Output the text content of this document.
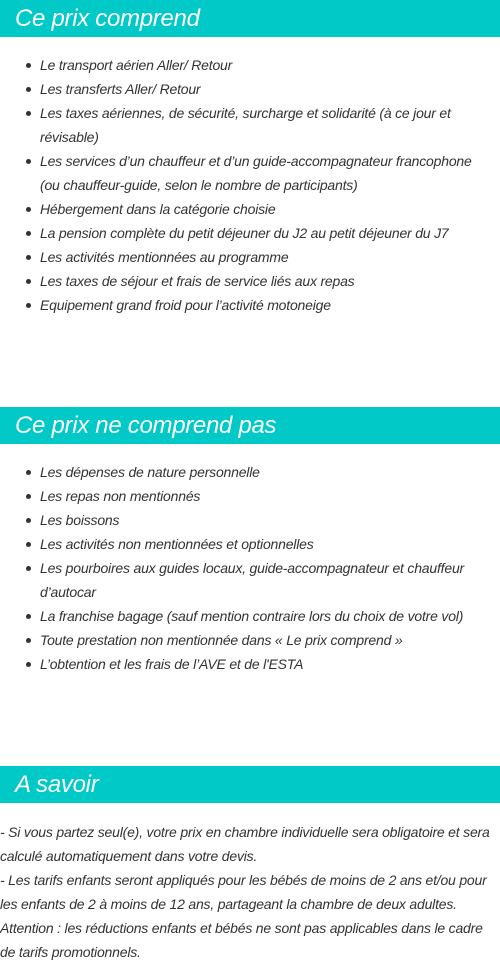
Ce prix comprend
Le transport aérien Aller/ Retour
Les transferts Aller/ Retour
Les taxes aériennes, de sécurité, surcharge et solidarité (à ce jour et révisable)
Les services d’un chauffeur et d’un guide-accompagnateur francophone (ou chauffeur-guide, selon le nombre de participants)
Hébergement dans la catégorie choisie
La pension complète du petit déjeuner du J2 au petit déjeuner du J7
Les activités mentionnées au programme
Les taxes de séjour et frais de service liés aux repas
Equipement grand froid pour l’activité motoneige
Ce prix ne comprend pas
Les dépenses de nature personnelle
Les repas non mentionnés
Les boissons
Les activités non mentionnées et optionnelles
Les pourboires aux guides locaux, guide-accompagnateur et chauffeur d’autocar
La franchise bagage (sauf mention contraire lors du choix de votre vol)
Toute prestation non mentionnée dans « Le prix comprend »
L’obtention et les frais de l’AVE et de l'ESTA
A savoir

- Si vous partez seul(e), votre prix en chambre individuelle sera obligatoire et sera calculé automatiquement dans votre devis.

- Les tarifs enfants seront appliqués pour les bébés de moins de 2 ans et/ou pour les enfants de 2 à moins de 12 ans, partageant la chambre de deux adultes. Attention : les réductions enfants et bébés ne sont pas applicables dans le cadre de tarifs promotionnels.
